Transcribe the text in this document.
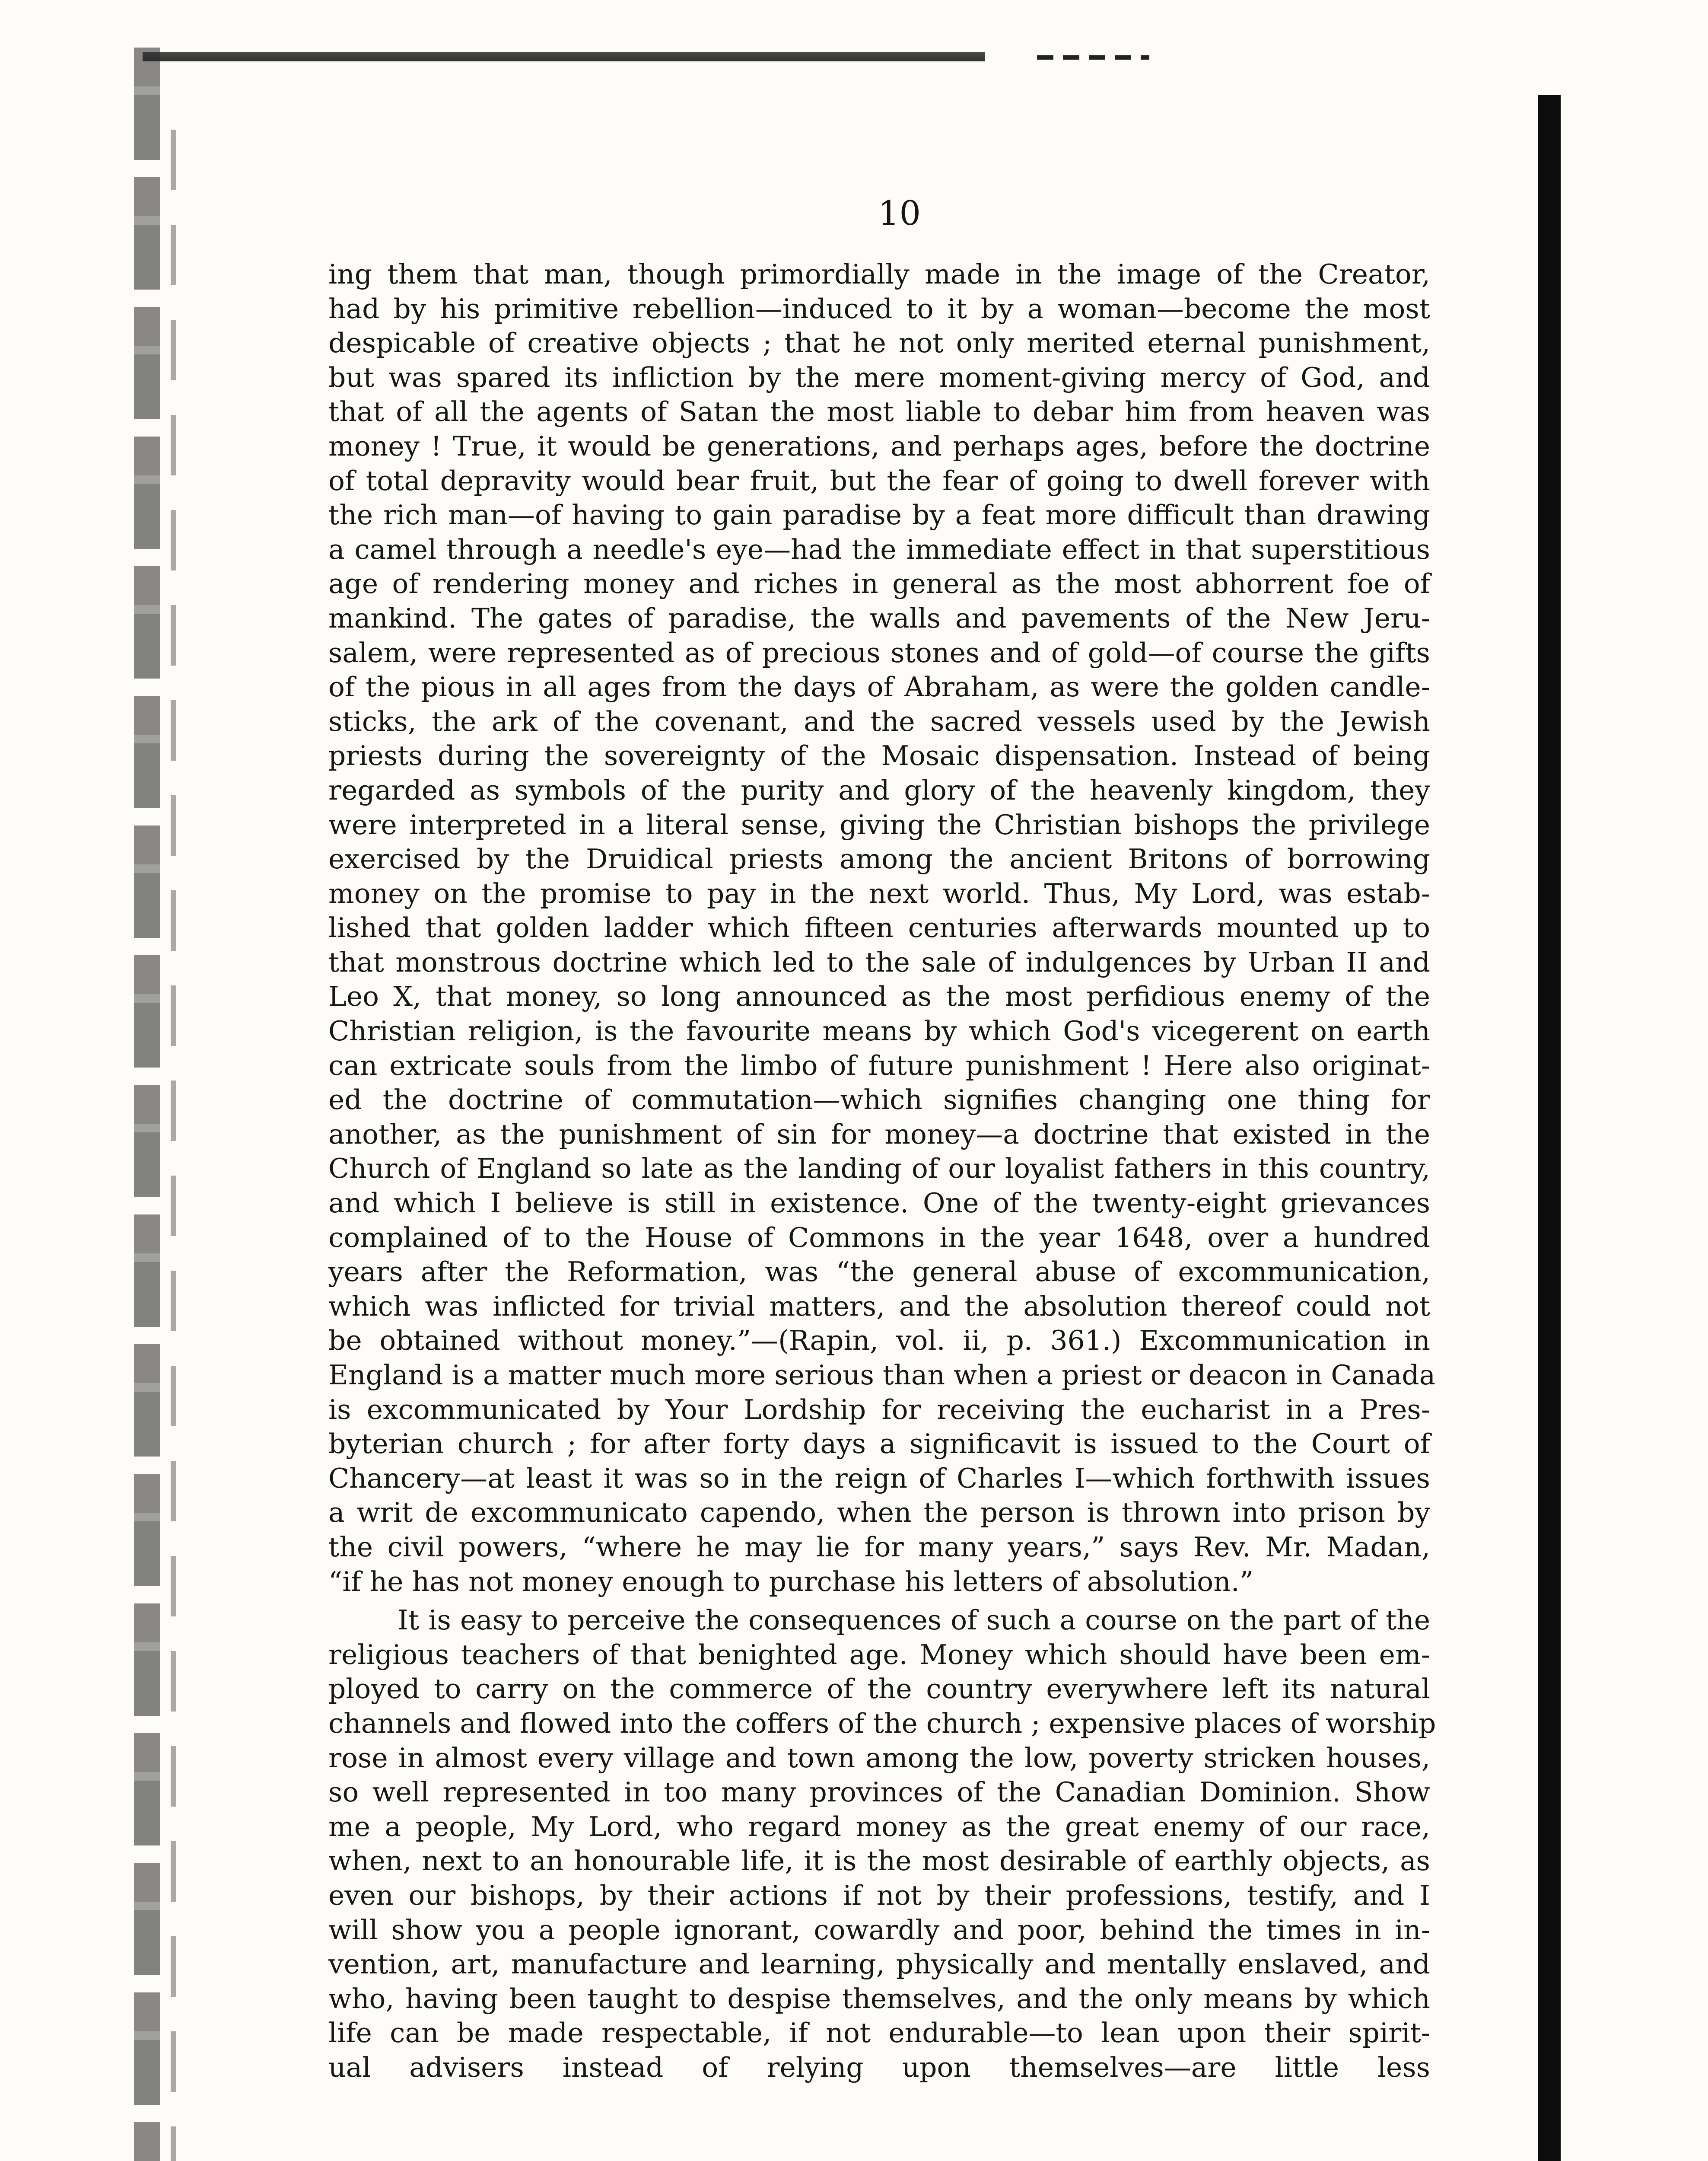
10
ing them that man, though primordially made in the image of the Creator,
had by his primitive rebellion—induced to it by a woman—become the most
despicable of creative objects ; that he not only merited eternal punishment,
but was spared its infliction by the mere moment-giving mercy of God, and
that of all the agents of Satan the most liable to debar him from heaven was
money ! True, it would be generations, and perhaps ages, before the doctrine
of total depravity would bear fruit, but the fear of going to dwell forever with
the rich man—of having to gain paradise by a feat more difficult than drawing
a camel through a needle's eye—had the immediate effect in that superstitious
age of rendering money and riches in general as the most abhorrent foe of
mankind. The gates of paradise, the walls and pavements of the New Jeru-
salem, were represented as of precious stones and of gold—of course the gifts
of the pious in all ages from the days of Abraham, as were the golden candle-
sticks, the ark of the covenant, and the sacred vessels used by the Jewish
priests during the sovereignty of the Mosaic dispensation. Instead of being
regarded as symbols of the purity and glory of the heavenly kingdom, they
were interpreted in a literal sense, giving the Christian bishops the privilege
exercised by the Druidical priests among the ancient Britons of borrowing
money on the promise to pay in the next world. Thus, My Lord, was estab-
lished that golden ladder which fifteen centuries afterwards mounted up to
that monstrous doctrine which led to the sale of indulgences by Urban II and
Leo X, that money, so long announced as the most perfidious enemy of the
Christian religion, is the favourite means by which God's vicegerent on earth
can extricate souls from the limbo of future punishment ! Here also originat-
ed the doctrine of commutation—which signifies changing one thing for
another, as the punishment of sin for money—a doctrine that existed in the
Church of England so late as the landing of our loyalist fathers in this country,
and which I believe is still in existence. One of the twenty-eight grievances
complained of to the House of Commons in the year 1648, over a hundred
years after the Reformation, was “the general abuse of excommunication,
which was inflicted for trivial matters, and the absolution thereof could not
be obtained without money.”—(Rapin, vol. ii, p. 361.) Excommunication in
England is a matter much more serious than when a priest or deacon in Canada
is excommunicated by Your Lordship for receiving the eucharist in a Pres-
byterian church ; for after forty days a significavit is issued to the Court of
Chancery—at least it was so in the reign of Charles I—which forthwith issues
a writ de excommunicato capendo, when the person is thrown into prison by
the civil powers, “where he may lie for many years,” says Rev. Mr. Madan,
“if he has not money enough to purchase his letters of absolution.”
It is easy to perceive the consequences of such a course on the part of the
religious teachers of that benighted age. Money which should have been em-
ployed to carry on the commerce of the country everywhere left its natural
channels and flowed into the coffers of the church ; expensive places of worship
rose in almost every village and town among the low, poverty stricken houses,
so well represented in too many provinces of the Canadian Dominion. Show
me a people, My Lord, who regard money as the great enemy of our race,
when, next to an honourable life, it is the most desirable of earthly objects, as
even our bishops, by their actions if not by their professions, testify, and I
will show you a people ignorant, cowardly and poor, behind the times in in-
vention, art, manufacture and learning, physically and mentally enslaved, and
who, having been taught to despise themselves, and the only means by which
life can be made respectable, if not endurable—to lean upon their spirit-
ual advisers instead of relying upon themselves—are little less
